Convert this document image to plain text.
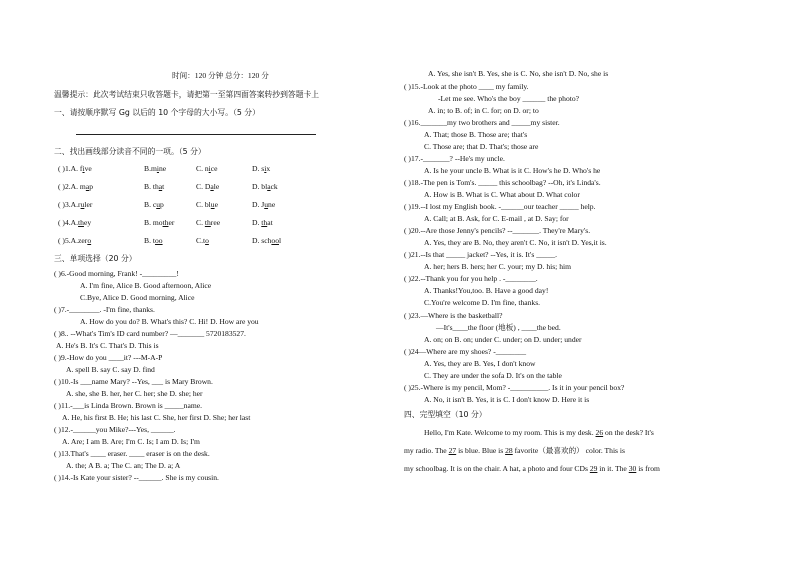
时间：120 分钟 总分：120 分
温馨提示：此次考试结束只收答题卡，请把第一至第四面答案转抄到答题卡上
一、请按顺序默写 Gg 以后的 10 个字母的大小写。（5 分）
二、找出画线部分读音不同的一项。（5 分）
( )1.A. five	B.mine	C. nice	D. six
( )2.A. map	B. that	C. Dale	D. black
( )3.A.ruler	B. cup	C. blue	D. June
( )4.A.they	B. mother	C. three	D. that
( )5.A.zero	B. too	C.to	D. school
三、单项选择（20 分）
( )6.-Good morning, Frank! -_________!
A. I'm fine, Alice B. Good afternoon, Alice
C.Bye, Alice D. Good morning, Alice
( )7.-________. -I'm fine, thanks.
A. How do you do? B. What's this? C. Hi! D. How are you
( )8.. --What's Tim's ID card number? —_______ 5720183527.
A. He's B. It's C. That's D. This is
( )9.-How do you ____it? ---M-A-P
A. spell B. say C. say D. find
( )10.-Is ___name Mary? --Yes, ___ is Mary Brown.
A. she, she B. her, her C. her; she D. she; her
( )11.-___is Linda Brown. Brown is _____name.
A. He, his first B. He; his last C. She, her first D. She; her last
( )12.-______you Mike?---Yes, ______.
A. Are; I am B. Are; I'm C. Is; I am D. Is; I'm
( )13.That's ____ eraser. ____ eraser is on the desk.
A. the; A B. a; The C. an; The D. a; A
( )14.-Is Kate your sister? --______. She is my cousin.
A. Yes, she isn't B. Yes, she is C. No, she isn't D. No, she is
( )15.-Look at the photo ____ my family.
-Let me see. Who's the boy ______ the photo?
A. in; to B. of; in C. for; on D. or; to
( )16._______my two brothers and _____my sister.
A. That; those B. Those are; that's
C. Those are; that D. That's; those are
( )17.-_______? --He's my uncle.
A. Is he your uncle B. What is it C. How's he D. Who's he
( )18.-The pen is Tom's. _____ this schoolbag? --Oh, it's Linda's.
A. How is B. What is C. What about D. What color
( )19.--I lost my English book. -______our teacher _____ help.
A. Call; at B. Ask, for C. E-mail , at D. Say; for
( )20.--Are those Jenny's pencils? --_______. They're Mary's.
A. Yes, they are B. No, they aren't C. No, it isn't D. Yes,it is.
( )21.--Is that _____ jacket? --Yes, it is. It's _____.
A. her; hers B. hers; her C. your; my D. his; him
( )22.--Thank you for you help . -________.
A. Thanks!You,too. B. Have a good day!
C.You're welcome D. I'm fine, thanks.
( )23.—Where is the basketball?
—It's____the floor (地板) , ____the bed.
A. on; on B. on; under C. under; on D. under; under
( )24—Where are my shoes? -________
A. Yes, they are B. Yes, I don't know
C. They are under the sofa D. It's on the table
( )25.-Where is my pencil, Mom? -__________. Is it in your pencil box?
A. No, it isn't B. Yes, it is C. I don't know D. Here it is
四、完型填空（10 分）
Hello, I'm Kate. Welcome to my room. This is my desk. 26 on the desk? It's
my radio. The 27 is blue. Blue is 28 favorite（最喜欢的） color. This is
my schoolbag. It is on the chair. A hat, a photo and four CDs 29 in it. The 30 is from
